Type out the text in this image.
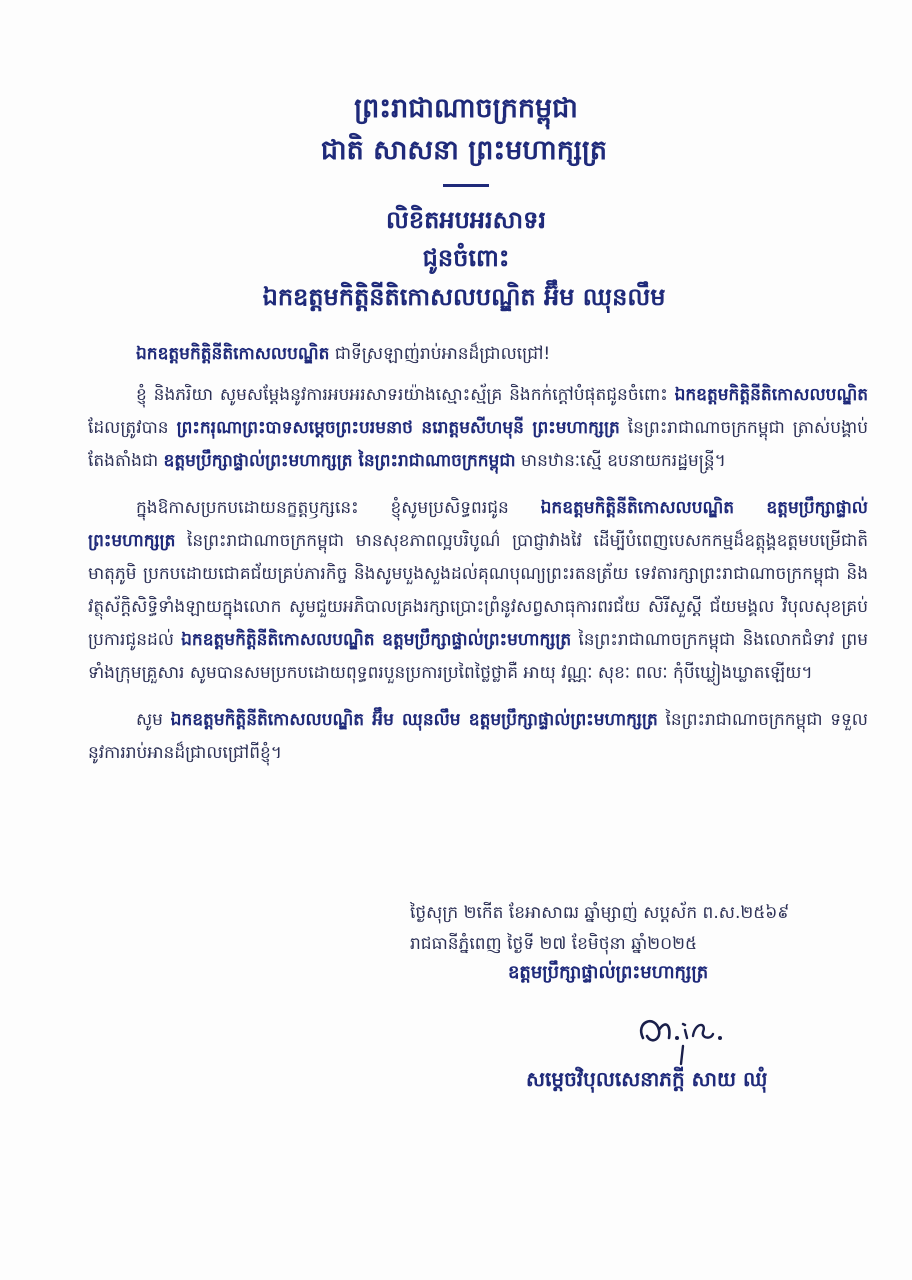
ព្រះរាជាណាចក្រកម្ពុជា
ជាតិ សាសនា ព្រះមហាក្សត្រ
លិខិតអបអរសាទរ
ជូនចំពោះ
ឯកឧត្តមកិត្តិនីតិកោសលបណ្ឌិត អ៊ឹម ឈុនលឹម

ឯកឧត្តមកិត្តិនីតិកោសលបណ្ឌិត ជាទីស្រឡាញ់រាប់អានដ៏ជ្រាលជ្រៅ!

ខ្ញុំ និងភរិយា សូមសម្តែងនូវការអបអរសាទរយ៉ាងស្មោះស្ម័គ្រ និងកក់ក្តៅបំផុតជូនចំពោះ ឯកឧត្តមកិត្តិនីតិកោសលបណ្ឌិត ដែលត្រូវបាន ព្រះករុណាព្រះបាទសម្តេចព្រះបរមនាថ នរោត្តមសីហមុនី ព្រះមហាក្សត្រ នៃព្រះរាជាណាចក្រកម្ពុជា ត្រាស់បង្គាប់តែងតាំងជា ឧត្តមប្រឹក្សាផ្ទាល់ព្រះមហាក្សត្រ នៃព្រះរាជាណាចក្រកម្ពុជា មានឋានៈស្មើ ឧបនាយករដ្ឋមន្ត្រី។

ក្នុងឱកាសប្រកបដោយនក្ខត្តឫក្សនេះ ខ្ញុំសូមប្រសិទ្ធពរជូន ឯកឧត្តមកិត្តិនីតិកោសលបណ្ឌិត ឧត្តមប្រឹក្សាផ្ទាល់ព្រះមហាក្សត្រ នៃព្រះរាជាណាចក្រកម្ពុជា មានសុខភាពល្អបរិបូណ៌ ប្រាជ្ញាវាងវៃ ដើម្បីបំពេញបេសកកម្មដ៏ឧត្តុង្គឧត្តមបម្រើជាតិមាតុភូមិ ប្រកបដោយជោគជ័យគ្រប់ភារកិច្ច និងសូមបួងសួងដល់គុណបុណ្យព្រះរតនត្រ័យ ទេវតារក្សាព្រះរាជាណាចក្រកម្ពុជា និងវត្ថុស័ក្តិសិទ្ធិទាំងឡាយក្នុងលោក សូមជួយអភិបាលគ្រងរក្សាប្រោះព្រំនូវសព្វសាធុការពរជ័យ សិរីសួស្តី ជ័យមង្គល វិបុលសុខគ្រប់ប្រការជូនដល់ ឯកឧត្តមកិត្តិនីតិកោសលបណ្ឌិត ឧត្តមប្រឹក្សាផ្ទាល់ព្រះមហាក្សត្រ នៃព្រះរាជាណាចក្រកម្ពុជា និងលោកជំទាវ ព្រមទាំងក្រុមគ្រួសារ សូមបានសមប្រកបដោយពុទ្ធពរបួនប្រការប្រពៃថ្លៃថ្លាគឺ អាយុ វណ្ណៈ សុខៈ ពលៈ កុំបីឃ្លៀងឃ្លាតឡើយ។

សូម ឯកឧត្តមកិត្តិនីតិកោសលបណ្ឌិត អ៊ឹម ឈុនលឹម ឧត្តមប្រឹក្សាផ្ទាល់ព្រះមហាក្សត្រ នៃព្រះរាជាណាចក្រកម្ពុជា ទទួលនូវការរាប់អានដ៏ជ្រាលជ្រៅពីខ្ញុំ។

ថ្ងៃសុក្រ ២កើត ខែអាសាឍ ឆ្នាំម្សាញ់ សប្តស័ក ព.ស.២៥៦៩
រាជធានីភ្នំពេញ ថ្ងៃទី ២៧ ខែមិថុនា ឆ្នាំ២០២៥
ឧត្តមប្រឹក្សាផ្ទាល់ព្រះមហាក្សត្រ
សម្តេចវិបុលសេនាភក្តី សាយ ឈុំ
